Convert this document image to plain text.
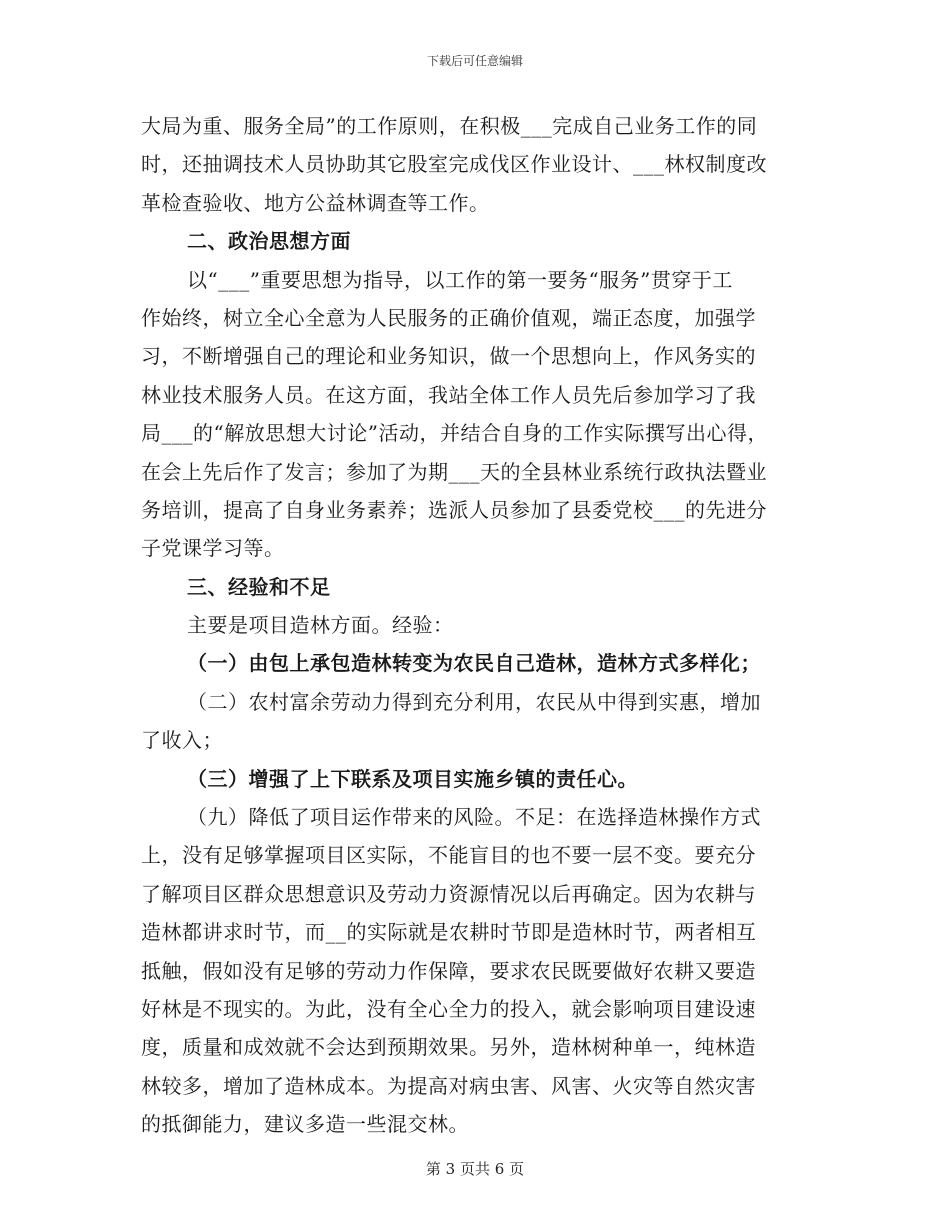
下载后可任意编辑
大局为重、服务全局”的工作原则，在积极___完成自己业务工作的同
时，还抽调技术人员协助其它股室完成伐区作业设计、___林权制度改
革检查验收、地方公益林调查等工作。
二、政治思想方面
以“___”重要思想为指导，以工作的第一要务“服务”贯穿于工
作始终，树立全心全意为人民服务的正确价值观，端正态度，加强学
习，不断增强自己的理论和业务知识，做一个思想向上，作风务实的
林业技术服务人员。在这方面，我站全体工作人员先后参加学习了我
局___的“解放思想大讨论”活动，并结合自身的工作实际撰写出心得，
在会上先后作了发言；参加了为期___天的全县林业系统行政执法暨业
务培训，提高了自身业务素养；选派人员参加了县委党校___的先进分
子党课学习等。
三、经验和不足
主要是项目造林方面。经验：
（一）由包上承包造林转变为农民自己造林，造林方式多样化；
（二）农村富余劳动力得到充分利用，农民从中得到实惠，增加
了收入；
（三）增强了上下联系及项目实施乡镇的责任心。
（九）降低了项目运作带来的风险。不足：在选择造林操作方式
上，没有足够掌握项目区实际，不能盲目的也不要一层不变。要充分
了解项目区群众思想意识及劳动力资源情况以后再确定。因为农耕与
造林都讲求时节，而__的实际就是农耕时节即是造林时节，两者相互
抵触，假如没有足够的劳动力作保障，要求农民既要做好农耕又要造
好林是不现实的。为此，没有全心全力的投入，就会影响项目建设速
度，质量和成效就不会达到预期效果。另外，造林树种单一，纯林造
林较多，增加了造林成本。为提高对病虫害、风害、火灾等自然灾害
的抵御能力，建议多造一些混交林。
第 3 页共 6 页
